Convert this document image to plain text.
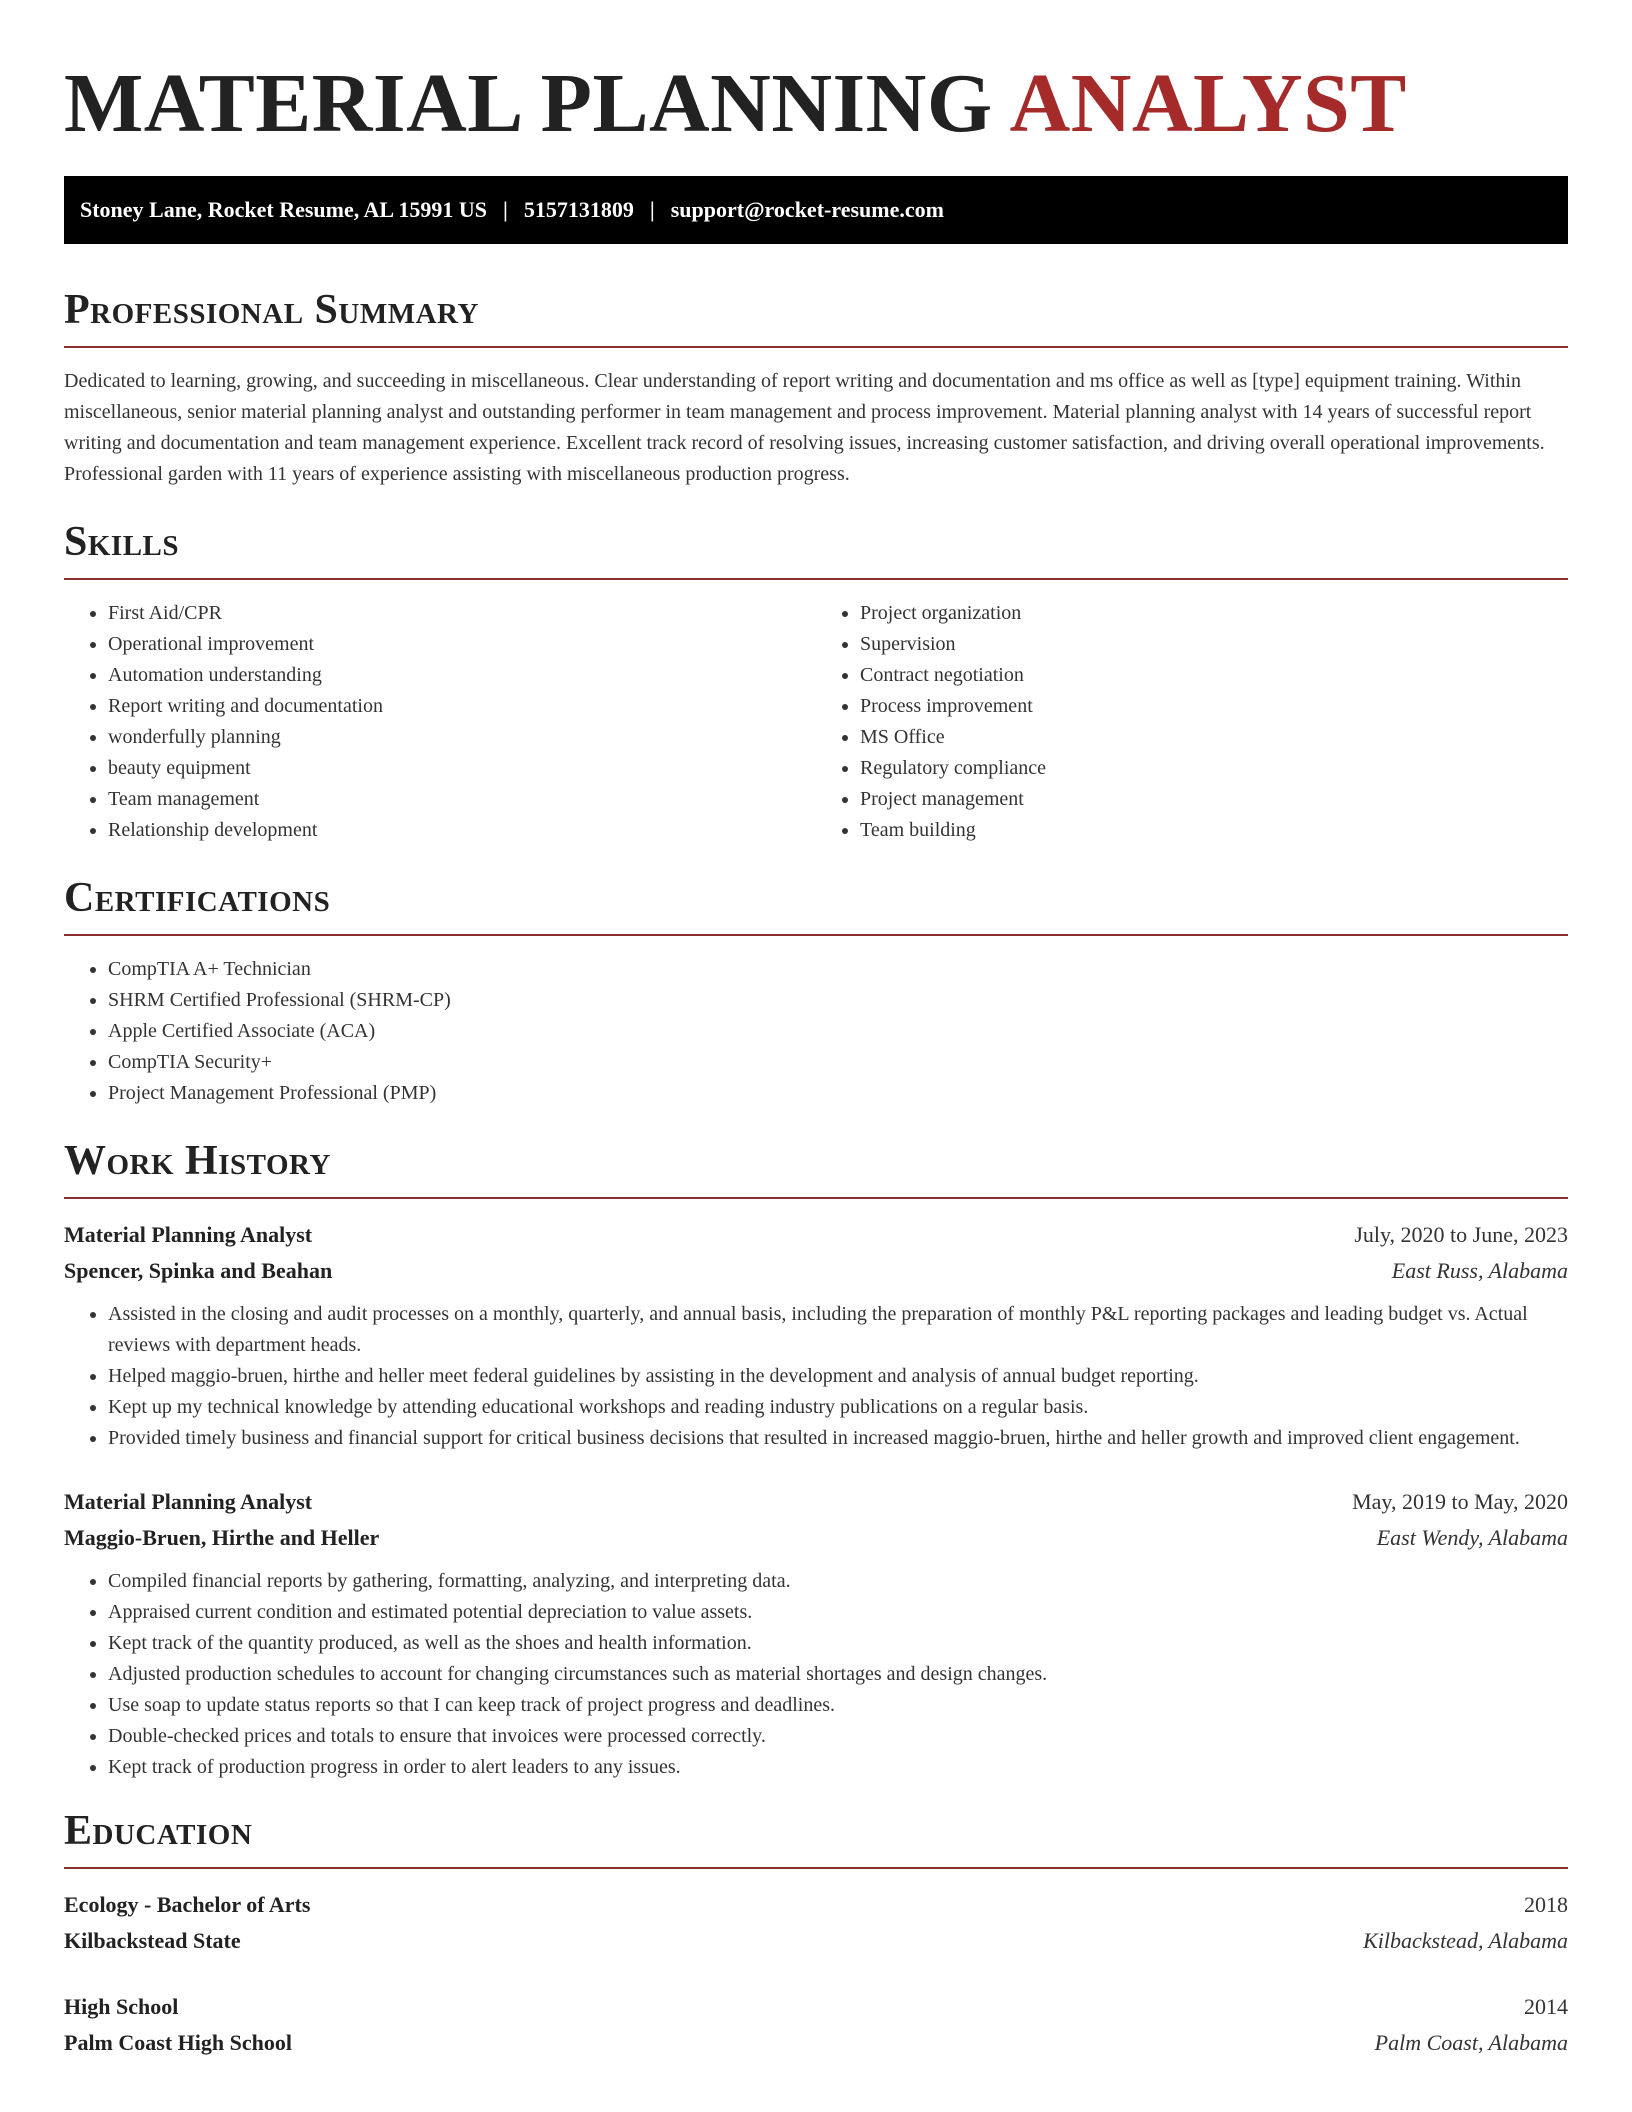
MATERIAL PLANNING ANALYST
Stoney Lane, Rocket Resume, AL 15991 US | 5157131809 | support@rocket-resume.com
Professional Summary

Dedicated to learning, growing, and succeeding in miscellaneous. Clear understanding of report writing and documentation and ms office as well as [type] equipment training. Within miscellaneous, senior material planning analyst and outstanding performer in team management and process improvement. Material planning analyst with 14 years of successful report writing and documentation and team management experience. Excellent track record of resolving issues, increasing customer satisfaction, and driving overall operational improvements. Professional garden with 11 years of experience assisting with miscellaneous production progress.

Skills
• First Aid/CPR
• Operational improvement
• Automation understanding
• Report writing and documentation
• wonderfully planning
• beauty equipment
• Team management
• Relationship development
• Project organization
• Supervision
• Contract negotiation
• Process improvement
• MS Office
• Regulatory compliance
• Project management
• Team building
Certifications
• CompTIA A+ Technician
• SHRM Certified Professional (SHRM-CP)
• Apple Certified Associate (ACA)
• CompTIA Security+
• Project Management Professional (PMP)
Work History
Material Planning Analyst	July, 2020 to June, 2023
Spencer, Spinka and Beahan	East Russ, Alabama
• Assisted in the closing and audit processes on a monthly, quarterly, and annual basis, including the preparation of monthly P&L reporting packages and leading budget vs. Actual reviews with department heads.
• Helped maggio-bruen, hirthe and heller meet federal guidelines by assisting in the development and analysis of annual budget reporting.
• Kept up my technical knowledge by attending educational workshops and reading industry publications on a regular basis.
• Provided timely business and financial support for critical business decisions that resulted in increased maggio-bruen, hirthe and heller growth and improved client engagement.
Material Planning Analyst	May, 2019 to May, 2020
Maggio-Bruen, Hirthe and Heller	East Wendy, Alabama
• Compiled financial reports by gathering, formatting, analyzing, and interpreting data.
• Appraised current condition and estimated potential depreciation to value assets.
• Kept track of the quantity produced, as well as the shoes and health information.
• Adjusted production schedules to account for changing circumstances such as material shortages and design changes.
• Use soap to update status reports so that I can keep track of project progress and deadlines.
• Double-checked prices and totals to ensure that invoices were processed correctly.
• Kept track of production progress in order to alert leaders to any issues.
Education
Ecology - Bachelor of Arts	2018
Kilbackstead State	Kilbackstead, Alabama
High School	2014
Palm Coast High School	Palm Coast, Alabama
